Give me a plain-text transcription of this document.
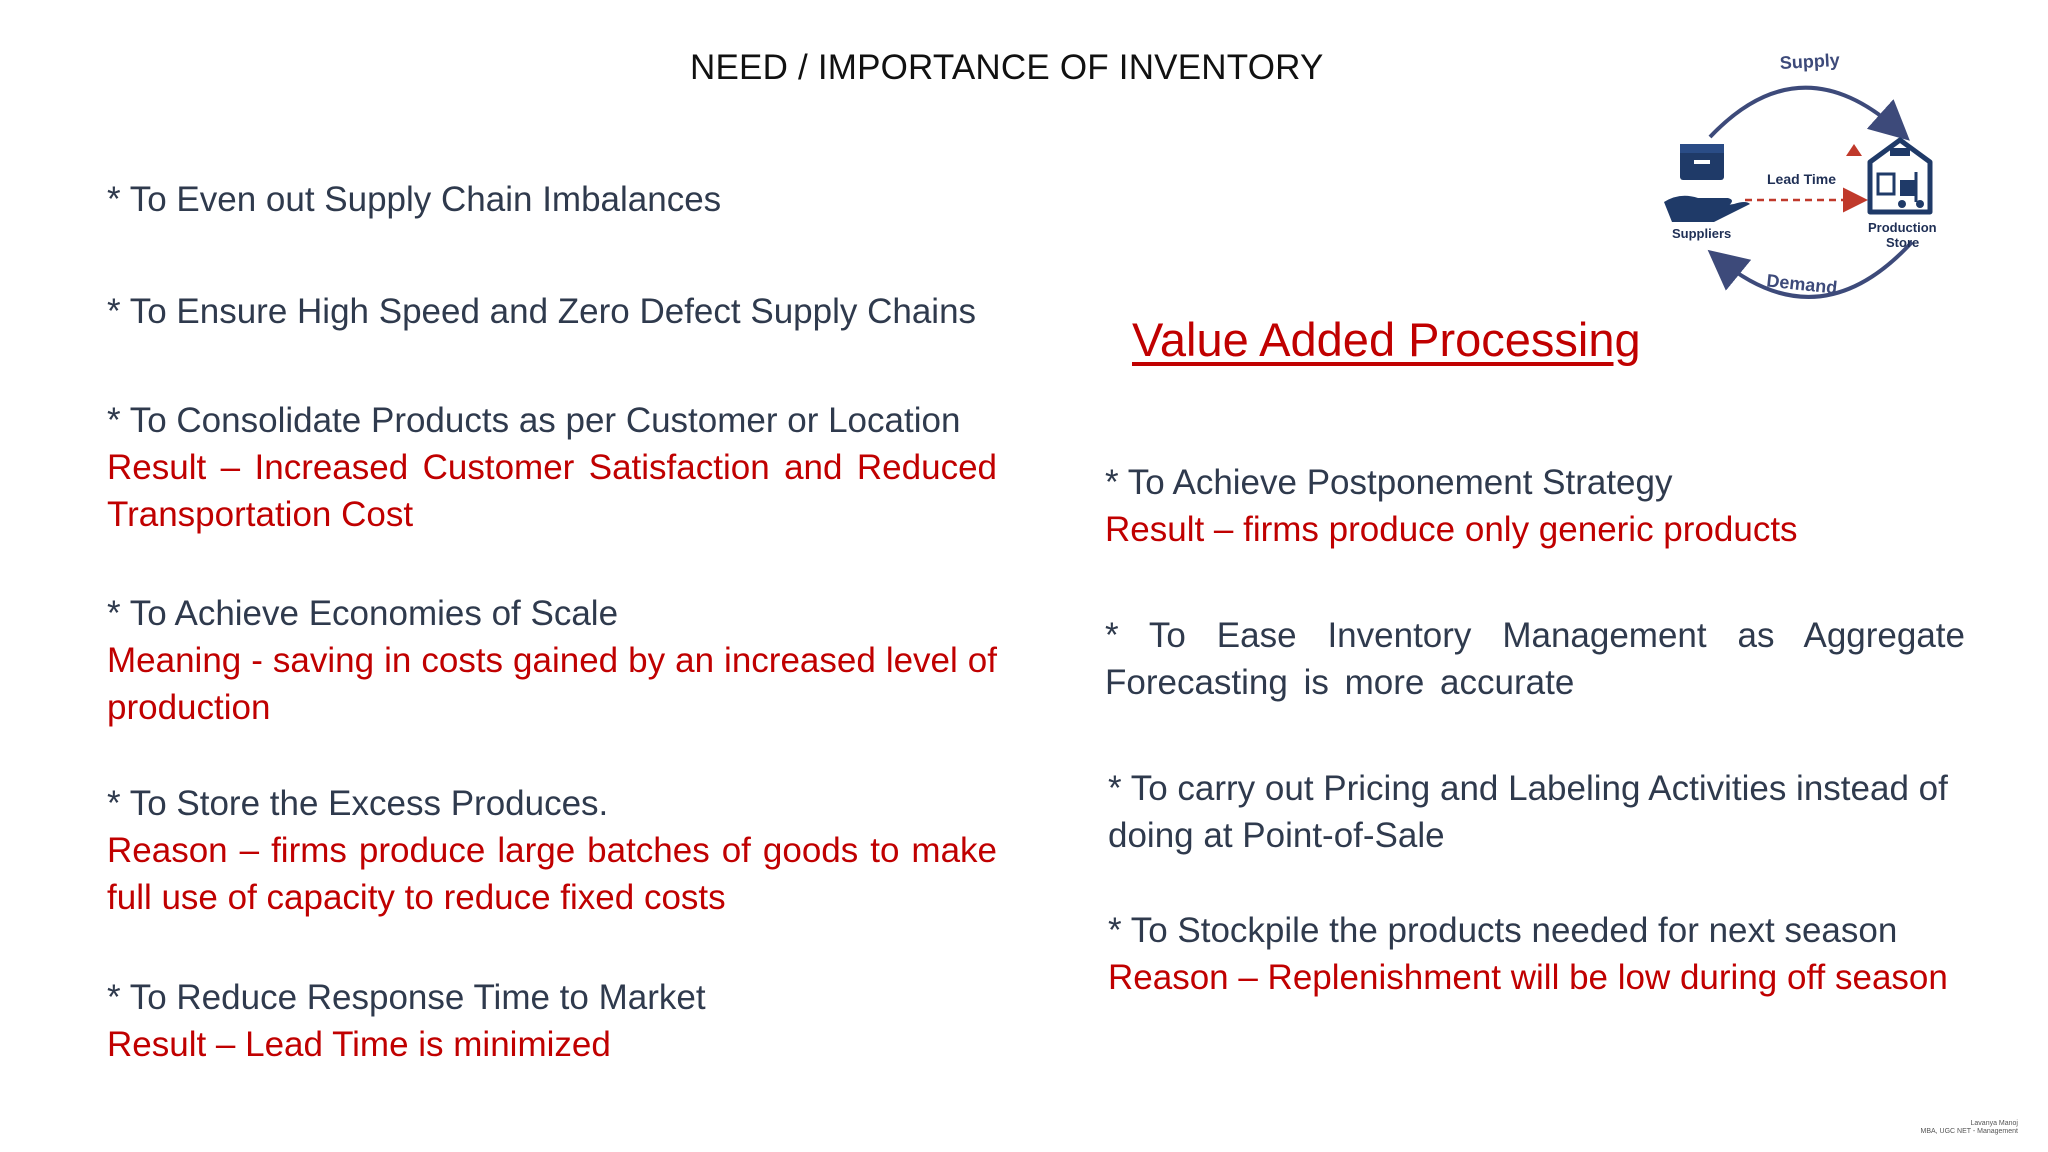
NEED / IMPORTANCE OF INVENTORY

* To Even out Supply Chain Imbalances

* To Ensure High Speed and Zero Defect Supply Chains

* To Consolidate Products as per Customer or Location

Result – Increased Customer Satisfaction and Reduced Transportation Cost

* To Achieve Economies of Scale

Meaning - saving in costs gained by an increased level of production

* To Store the Excess Produces.

Reason – firms produce large batches of goods to make full use of capacity to reduce fixed costs

* To Reduce Response Time to Market

Result – Lead Time is minimized

Value Added Processing

* To Achieve Postponement Strategy

Result – firms produce only generic products

* To Ease Inventory Management as Aggregate Forecasting is more accurate

* To carry out Pricing and Labeling Activities instead of doing at Point-of-Sale

* To Stockpile the products needed for next season

Reason – Replenishment will be low during off season

Supply
Demand
Lead Time
Suppliers	Production
Store
Lavanya Manoj
MBA, UGC NET - Management
